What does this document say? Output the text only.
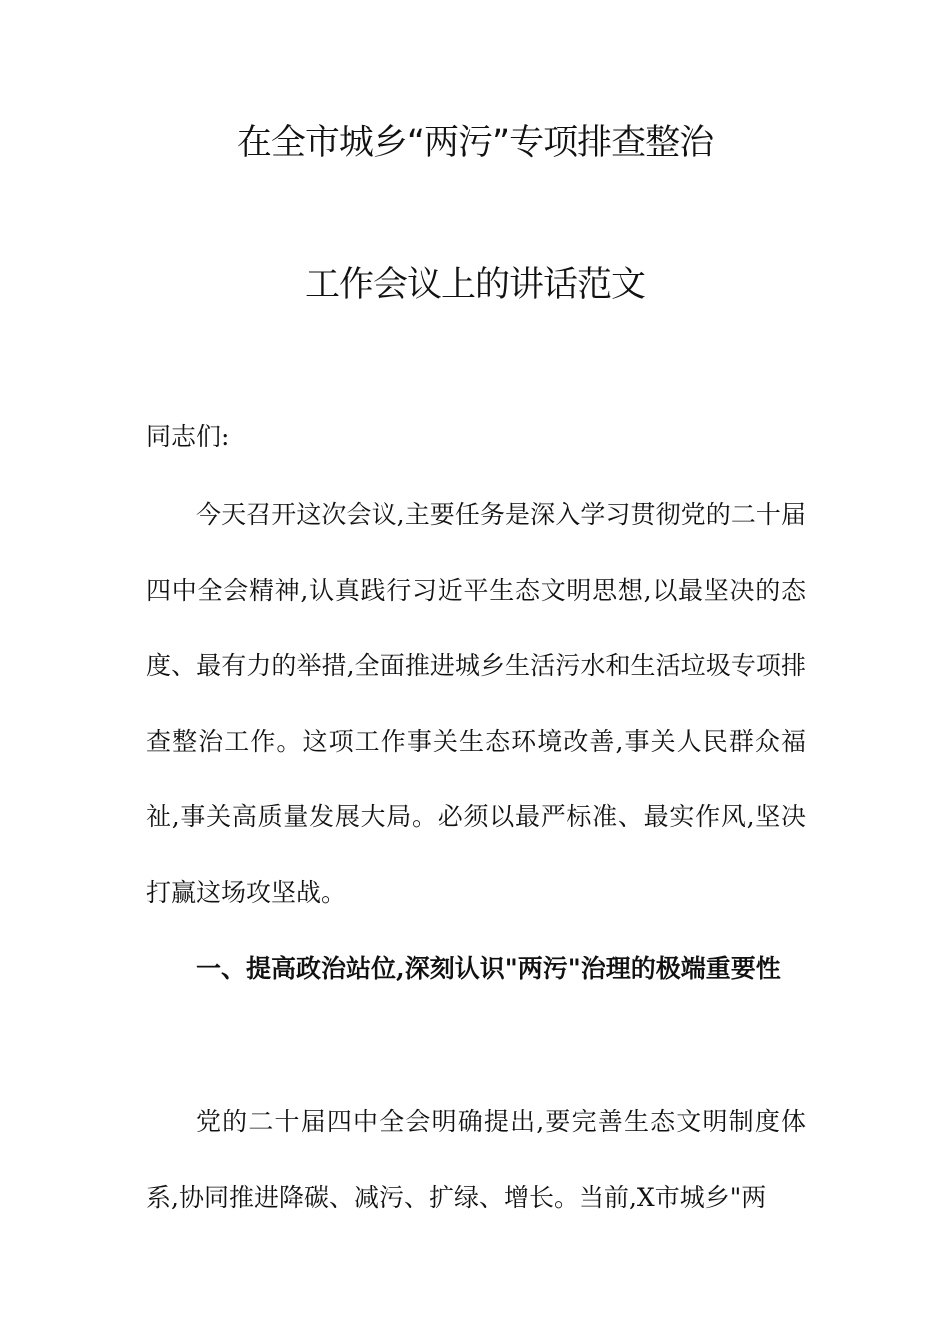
在全市城乡“两污”专项排查整治
工作会议上的讲话范文
同志们:

今天召开这次会议,主要任务是深入学习贯彻党的二十届四中全会精神,认真践行习近平生态文明思想,以最坚决的态度、最有力的举措,全面推进城乡生活污水和生活垃圾专项排查整治工作。这项工作事关生态环境改善,事关人民群众福祉,事关高质量发展大局。必须以最严标准、最实作风,坚决打赢这场攻坚战。

一、提高政治站位,深刻认识"两污"治理的极端重要性

党的二十届四中全会明确提出,要完善生态文明制度体系,协同推进降碳、减污、扩绿、增长。当前,X市城乡"两
